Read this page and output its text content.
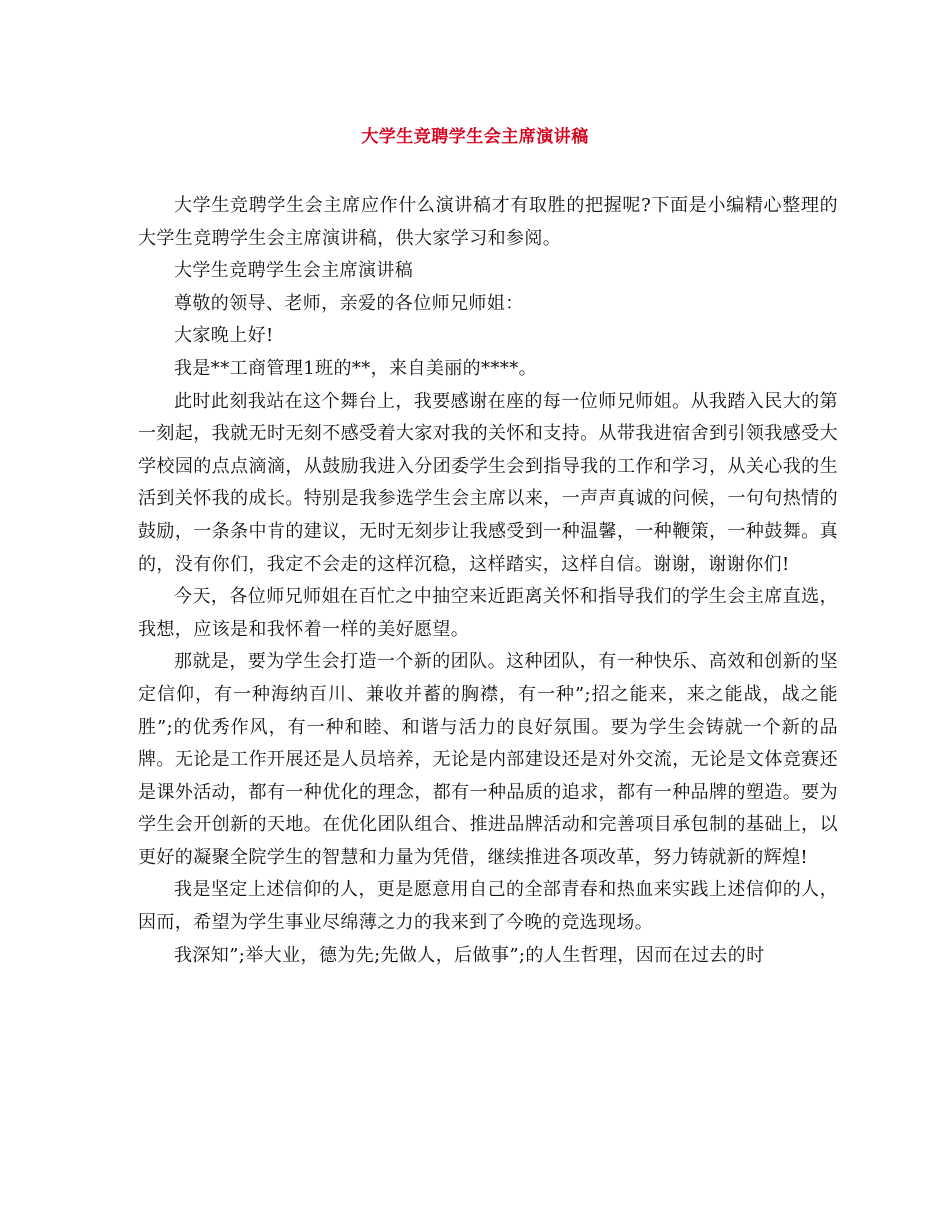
大学生竞聘学生会主席演讲稿

大学生竞聘学生会主席应作什么演讲稿才有取胜的把握呢?下面是小编精心整理的大学生竞聘学生会主席演讲稿，供大家学习和参阅。

大学生竞聘学生会主席演讲稿

尊敬的领导、老师，亲爱的各位师兄师姐：

大家晚上好!

我是**工商管理1班的**，来自美丽的****。

此时此刻我站在这个舞台上，我要感谢在座的每一位师兄师姐。从我踏入民大的第一刻起，我就无时无刻不感受着大家对我的关怀和支持。从带我进宿舍到引领我感受大学校园的点点滴滴，从鼓励我进入分团委学生会到指导我的工作和学习，从关心我的生活到关怀我的成长。特别是我参选学生会主席以来，一声声真诚的问候，一句句热情的鼓励，一条条中肯的建议，无时无刻步让我感受到一种温馨，一种鞭策，一种鼓舞。真的，没有你们，我定不会走的这样沉稳，这样踏实，这样自信。谢谢，谢谢你们!

今天，各位师兄师姐在百忙之中抽空来近距离关怀和指导我们的学生会主席直选，我想，应该是和我怀着一样的美好愿望。

那就是，要为学生会打造一个新的团队。这种团队，有一种快乐、高效和创新的坚定信仰，有一种海纳百川、兼收并蓄的胸襟，有一种”;招之能来，来之能战，战之能胜”;的优秀作风，有一种和睦、和谐与活力的良好氛围。要为学生会铸就一个新的品牌。无论是工作开展还是人员培养，无论是内部建设还是对外交流，无论是文体竞赛还是课外活动，都有一种优化的理念，都有一种品质的追求，都有一种品牌的塑造。要为学生会开创新的天地。在优化团队组合、推进品牌活动和完善项目承包制的基础上，以更好的凝聚全院学生的智慧和力量为凭借，继续推进各项改革，努力铸就新的辉煌!

我是坚定上述信仰的人，更是愿意用自己的全部青春和热血来实践上述信仰的人，因而，希望为学生事业尽绵薄之力的我来到了今晚的竞选现场。

我深知”;举大业，德为先;先做人，后做事”;的人生哲理，因而在过去的时
